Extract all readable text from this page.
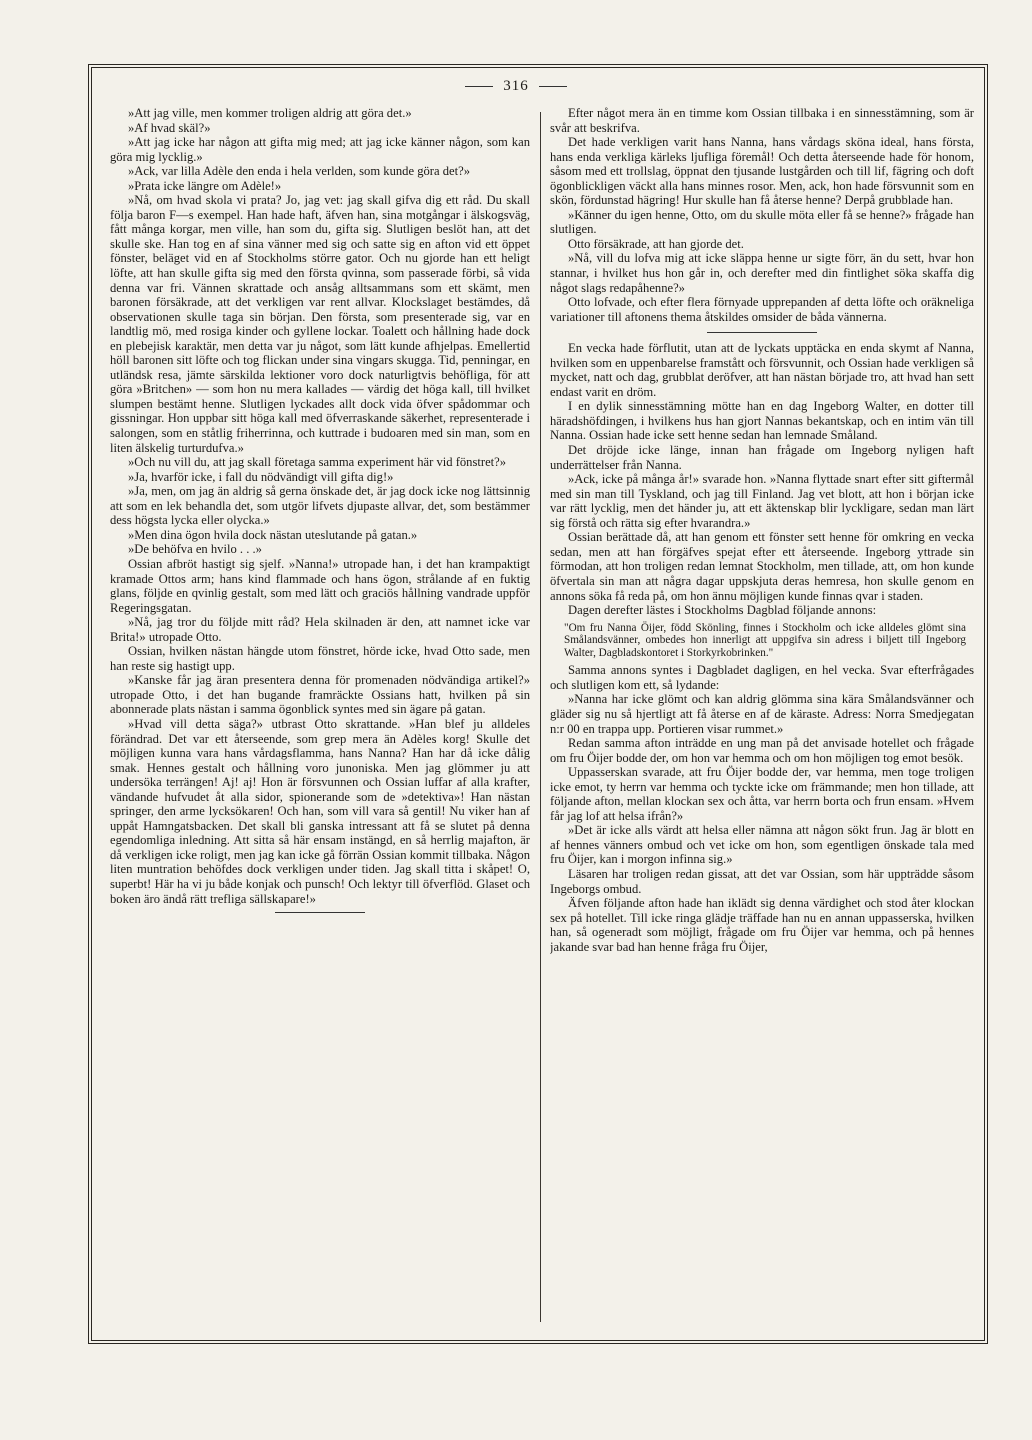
316

»Att jag ville, men kommer troligen aldrig att göra det.»

»Af hvad skäl?»

»Att jag icke har någon att gifta mig med; att jag icke känner någon, som kan göra mig lycklig.»

»Ack, var lilla Adèle den enda i hela verlden, som kunde göra det?»

»Prata icke längre om Adèle!»

»Nå, om hvad skola vi prata? Jo, jag vet: jag skall gifva dig ett råd. Du skall följa baron F—s exempel. Han hade haft, äfven han, sina motgångar i älskogsväg, fått många korgar, men ville, han som du, gifta sig. Slutligen beslöt han, att det skulle ske. Han tog en af sina vänner med sig och satte sig en afton vid ett öppet fönster, beläget vid en af Stockholms större gator. Och nu gjorde han ett heligt löfte, att han skulle gifta sig med den första qvinna, som passerade förbi, så vida denna var fri. Vännen skrattade och ansåg alltsammans som ett skämt, men baronen försäkrade, att det verkligen var rent allvar. Klockslaget bestämdes, då observationen skulle taga sin början. Den första, som presenterade sig, var en landtlig mö, med rosiga kinder och gyllene lockar. Toalett och hållning hade dock en plebejisk karaktär, men detta var ju något, som lätt kunde afhjelpas. Emellertid höll baronen sitt löfte och tog flickan under sina vingars skugga. Tid, penningar, en utländsk resa, jämte särskilda lektioner voro dock naturligtvis behöfliga, för att göra »Britchen» — som hon nu mera kallades — värdig det höga kall, till hvilket slumpen bestämt henne. Slutligen lyckades allt dock vida öfver spådommar och gissningar. Hon uppbar sitt höga kall med öfverraskande säkerhet, representerade i salongen, som en ståtlig friherrinna, och kuttrade i budoaren med sin man, som en liten älskelig turturdufva.»

»Och nu vill du, att jag skall företaga samma experiment här vid fönstret?»

»Ja, hvarför icke, i fall du nödvändigt vill gifta dig!»

»Ja, men, om jag än aldrig så gerna önskade det, är jag dock icke nog lättsinnig att som en lek behandla det, som utgör lifvets djupaste allvar, det, som bestämmer dess högsta lycka eller olycka.»

»Men dina ögon hvila dock nästan uteslutande på gatan.»

»De behöfva en hvilo . . .»

Ossian afbröt hastigt sig sjelf. »Nanna!» utropade han, i det han krampaktigt kramade Ottos arm; hans kind flammade och hans ögon, strålande af en fuktig glans, följde en qvinlig gestalt, som med lätt och graciös hållning vandrade uppför Regeringsgatan.

»Nå, jag tror du följde mitt råd? Hela skilnaden är den, att namnet icke var Brita!» utropade Otto.

Ossian, hvilken nästan hängde utom fönstret, hörde icke, hvad Otto sade, men han reste sig hastigt upp.

»Kanske får jag äran presentera denna för promenaden nödvändiga artikel?» utropade Otto, i det han bugande framräckte Ossians hatt, hvilken på sin abonnerade plats nästan i samma ögonblick syntes med sin ägare på gatan.

»Hvad vill detta säga?» utbrast Otto skrattande. »Han blef ju alldeles förändrad. Det var ett återseende, som grep mera än Adèles korg! Skulle det möjligen kunna vara hans vårdagsflamma, hans Nanna? Han har då icke dålig smak. Hennes gestalt och hållning voro junoniska. Men jag glömmer ju att undersöka terrängen! Aj! aj! Hon är försvunnen och Ossian luffar af alla krafter, vändande hufvudet åt alla sidor, spionerande som de »detektiva»! Han nästan springer, den arme lycksökaren! Och han, som vill vara så gentil! Nu viker han af uppåt Hamngatsbacken. Det skall bli ganska intressant att få se slutet på denna egendomliga inledning. Att sitta så här ensam instängd, en så herrlig majafton, är då verkligen icke roligt, men jag kan icke gå förrän Ossian kommit tillbaka. Någon liten muntration behöfdes dock verkligen under tiden. Jag skall titta i skåpet! O, superbt! Här ha vi ju både konjak och punsch! Och lektyr till öfverflöd. Glaset och boken äro ändå rätt trefliga sällskapare!»

Efter något mera än en timme kom Ossian tillbaka i en sinnesstämning, som är svår att beskrifva.

Det hade verkligen varit hans Nanna, hans vårdags sköna ideal, hans första, hans enda verkliga kärleks ljufliga föremål! Och detta återseende hade för honom, såsom med ett trollslag, öppnat den tjusande lustgården och till lif, fägring och doft ögonblickligen väckt alla hans minnes rosor. Men, ack, hon hade försvunnit som en skön, fördunstad hägring! Hur skulle han få återse henne? Derpå grubblade han.

»Känner du igen henne, Otto, om du skulle möta eller få se henne?» frågade han slutligen.

Otto försäkrade, att han gjorde det.

»Nå, vill du lofva mig att icke släppa henne ur sigte förr, än du sett, hvar hon stannar, i hvilket hus hon går in, och derefter med din fintlighet söka skaffa dig något slags redapåhenne?»

Otto lofvade, och efter flera förnyade upprepanden af detta löfte och oräkneliga variationer till aftonens thema åtskildes omsider de båda vännerna.

En vecka hade förflutit, utan att de lyckats upptäcka en enda skymt af Nanna, hvilken som en uppenbarelse framstått och försvunnit, och Ossian hade verkligen så mycket, natt och dag, grubblat deröfver, att han nästan började tro, att hvad han sett endast varit en dröm.

I en dylik sinnesstämning mötte han en dag Ingeborg Walter, en dotter till häradshöfdingen, i hvilkens hus han gjort Nannas bekantskap, och en intim vän till Nanna. Ossian hade icke sett henne sedan han lemnade Småland.

Det dröjde icke länge, innan han frågade om Ingeborg nyligen haft underrättelser från Nanna.

»Ack, icke på många år!» svarade hon. »Nanna flyttade snart efter sitt giftermål med sin man till Tyskland, och jag till Finland. Jag vet blott, att hon i början icke var rätt lycklig, men det händer ju, att ett äktenskap blir lyckligare, sedan man lärt sig förstå och rätta sig efter hvarandra.»

Ossian berättade då, att han genom ett fönster sett henne för omkring en vecka sedan, men att han förgäfves spejat efter ett återseende. Ingeborg yttrade sin förmodan, att hon troligen redan lemnat Stockholm, men tillade, att, om hon kunde öfvertala sin man att några dagar uppskjuta deras hemresa, hon skulle genom en annons söka få reda på, om hon ännu möjligen kunde finnas qvar i staden.

Dagen derefter lästes i Stockholms Dagblad följande annons:

"Om fru Nanna Öijer, född Skönling, finnes i Stockholm och icke alldeles glömt sina Smålandsvänner, ombedes hon innerligt att uppgifva sin adress i biljett till Ingeborg Walter, Dagbladskontoret i Storkyrkobrinken."

Samma annons syntes i Dagbladet dagligen, en hel vecka. Svar efterfrågades och slutligen kom ett, så lydande:

»Nanna har icke glömt och kan aldrig glömma sina kära Smålandsvänner och gläder sig nu så hjertligt att få återse en af de käraste. Adress: Norra Smedjegatan n:r 00 en trappa upp. Portieren visar rummet.»

Redan samma afton inträdde en ung man på det anvisade hotellet och frågade om fru Öijer bodde der, om hon var hemma och om hon möjligen tog emot besök.

Uppasserskan svarade, att fru Öijer bodde der, var hemma, men toge troligen icke emot, ty herrn var hemma och tyckte icke om främmande; men hon tillade, att följande afton, mellan klockan sex och åtta, var herrn borta och frun ensam. »Hvem får jag lof att helsa ifrån?»

»Det är icke alls värdt att helsa eller nämna att någon sökt frun. Jag är blott en af hennes vänners ombud och vet icke om hon, som egentligen önskade tala med fru Öijer, kan i morgon infinna sig.»

Läsaren har troligen redan gissat, att det var Ossian, som här uppträdde såsom Ingeborgs ombud.

Äfven följande afton hade han iklädt sig denna värdighet och stod åter klockan sex på hotellet. Till icke ringa glädje träffade han nu en annan uppasserska, hvilken han, så ogeneradt som möjligt, frågade om fru Öijer var hemma, och på hennes jakande svar bad han henne fråga fru Öijer,
